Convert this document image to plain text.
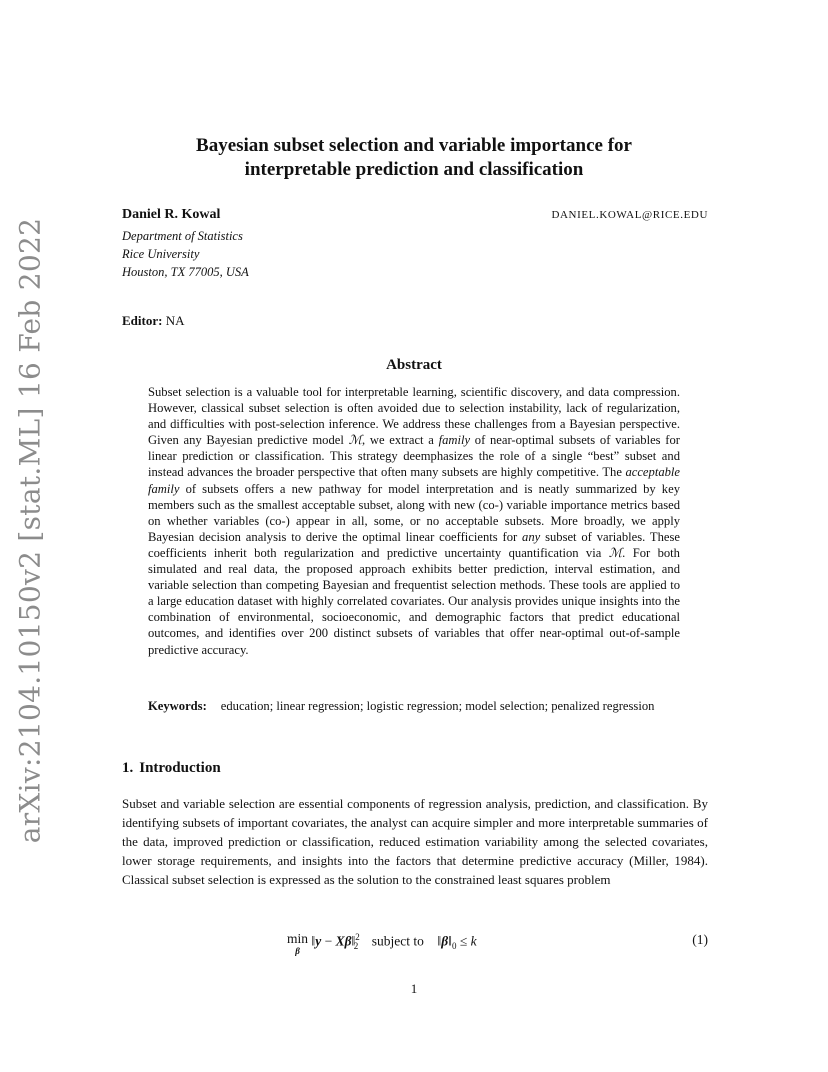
arXiv:2104.10150v2 [stat.ML] 16 Feb 2022
Bayesian subset selection and variable importance for
interpretable prediction and classification
Daniel R. Kowal	DANIEL.KOWAL@RICE.EDU
Department of Statistics
Rice University
Houston, TX 77005, USA
Editor: NA
Abstract
Subset selection is a valuable tool for interpretable learning, scientific discovery, and data compression. However, classical subset selection is often avoided due to selection instability, lack of regularization, and difficulties with post-selection inference. We address these challenges from a Bayesian perspective. Given any Bayesian predictive model ℳ, we extract a family of near-optimal subsets of variables for linear prediction or classification. This strategy deemphasizes the role of a single “best” subset and instead advances the broader perspective that often many subsets are highly competitive. The acceptable family of subsets offers a new pathway for model interpretation and is neatly summarized by key members such as the smallest acceptable subset, along with new (co-) variable importance metrics based on whether variables (co-) appear in all, some, or no acceptable subsets. More broadly, we apply Bayesian decision analysis to derive the optimal linear coefficients for any subset of variables. These coefficients inherit both regularization and predictive uncertainty quantification via ℳ. For both simulated and real data, the proposed approach exhibits better prediction, interval estimation, and variable selection than competing Bayesian and frequentist selection methods. These tools are applied to a large education dataset with highly correlated covariates. Our analysis provides unique insights into the combination of environmental, socioeconomic, and demographic factors that predict educational outcomes, and identifies over 200 distinct subsets of variables that offer near-optimal out-of-sample predictive accuracy.
Keywords: education; linear regression; logistic regression; model selection; penalized regression
1. Introduction
Subset and variable selection are essential components of regression analysis, prediction, and classification. By identifying subsets of important covariates, the analyst can acquire simpler and more interpretable summaries of the data, improved prediction or classification, reduced estimation variability among the selected covariates, lower storage requirements, and insights into the factors that determine predictive accuracy (Miller, 1984). Classical subset selection is expressed as the solution to the constrained least squares problem
min
β
‖y − Xβ‖$^2_2$ subject to $‖\beta‖_0 \le k$	(1)
1
